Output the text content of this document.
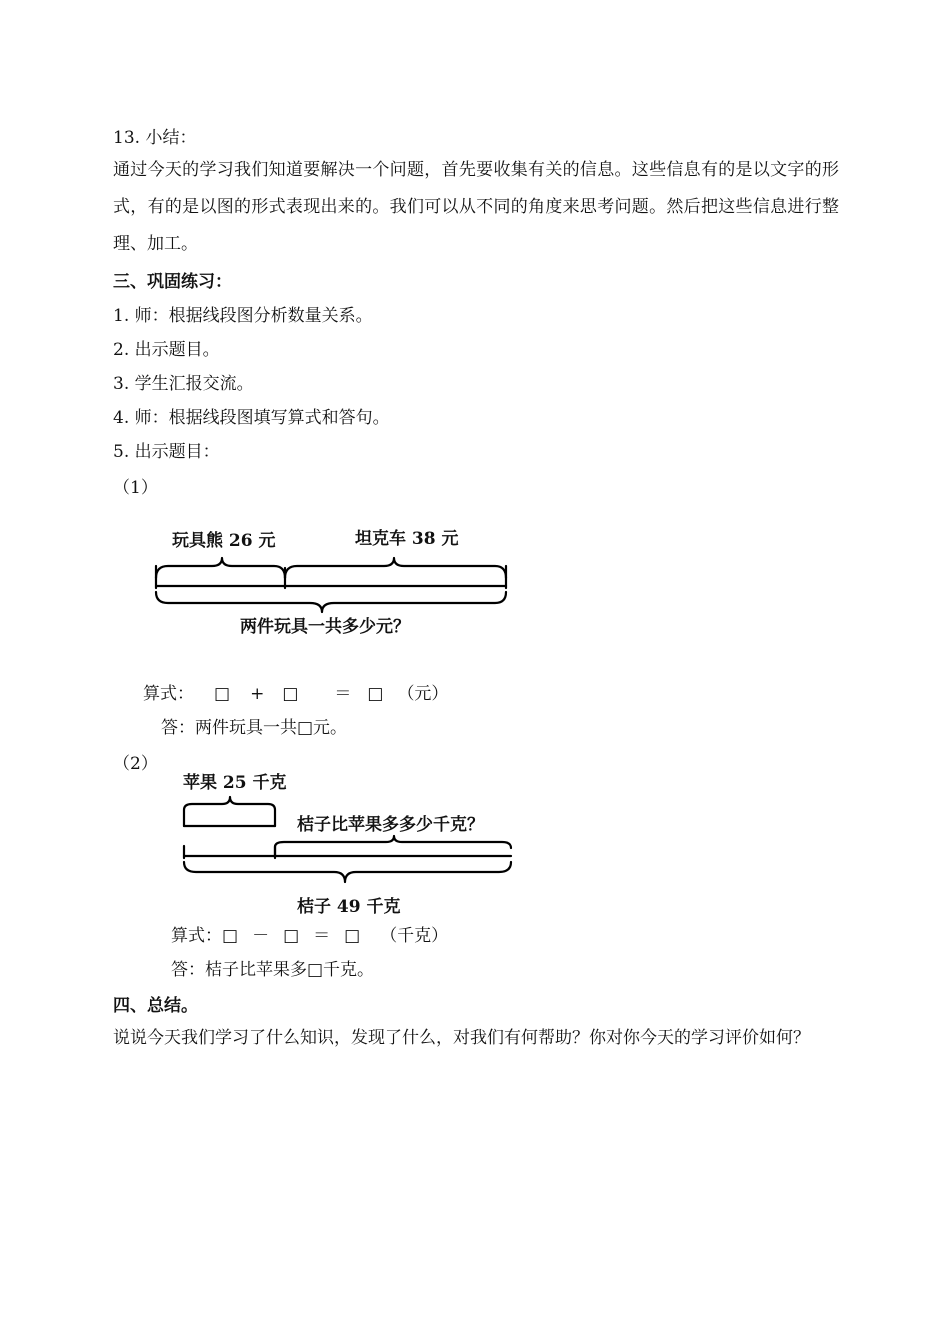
13. 小结：
通过今天的学习我们知道要解决一个问题，首先要收集有关的信息。这些信息有的是以文字的形式，有的是以图的形式表现出来的。我们可以从不同的角度来思考问题。然后把这些信息进行整理、加工。
三、巩固练习：
1. 师：根据线段图分析数量关系。
2. 出示题目。
3. 学生汇报交流。
4. 师：根据线段图填写算式和答句。
5. 出示题目：
（1）
玩具熊 26 元	坦克车 38 元
两件玩具一共多少元？
算式： □ + □ ＝ □ （元）
答：两件玩具一共□元。
（2）
苹果 25 千克
桔子比苹果多多少千克？
桔子 49 千克
算式：□ － □ ＝ □ （千克）
答：桔子比苹果多□千克。
四、总结。
说说今天我们学习了什么知识，发现了什么，对我们有何帮助？你对你今天的学习评价如何？
